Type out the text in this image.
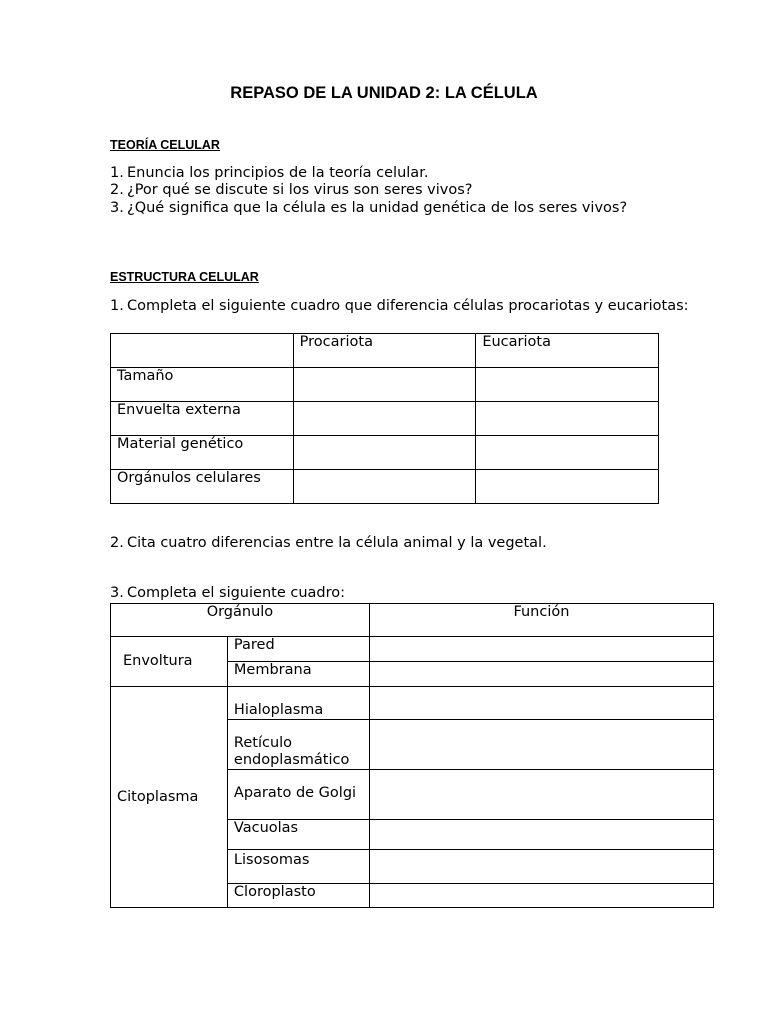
REPASO DE LA UNIDAD 2: LA CÉLULA
TEORÍA CELULAR
1. Enuncia los principios de la teoría celular.
2. ¿Por qué se discute si los virus son seres vivos?
3. ¿Qué significa que la célula es la unidad genética de los seres vivos?
ESTRUCTURA CELULAR
1. Completa el siguiente cuadro que diferencia células procariotas y eucariotas:
	Procariota	Eucariota
Tamaño		
Envuelta externa		
Material genético		
Orgánulos celulares		
2. Cita cuatro diferencias entre la célula animal y la vegetal.
3. Completa el siguiente cuadro:
Orgánulo		Función
Envoltura	Pared	
	Membrana	
Citoplasma	Hialoplasma	
	Retículo endoplasmático	
	Aparato de Golgi	
	Vacuolas	
	Lisosomas	
	Cloroplasto	
